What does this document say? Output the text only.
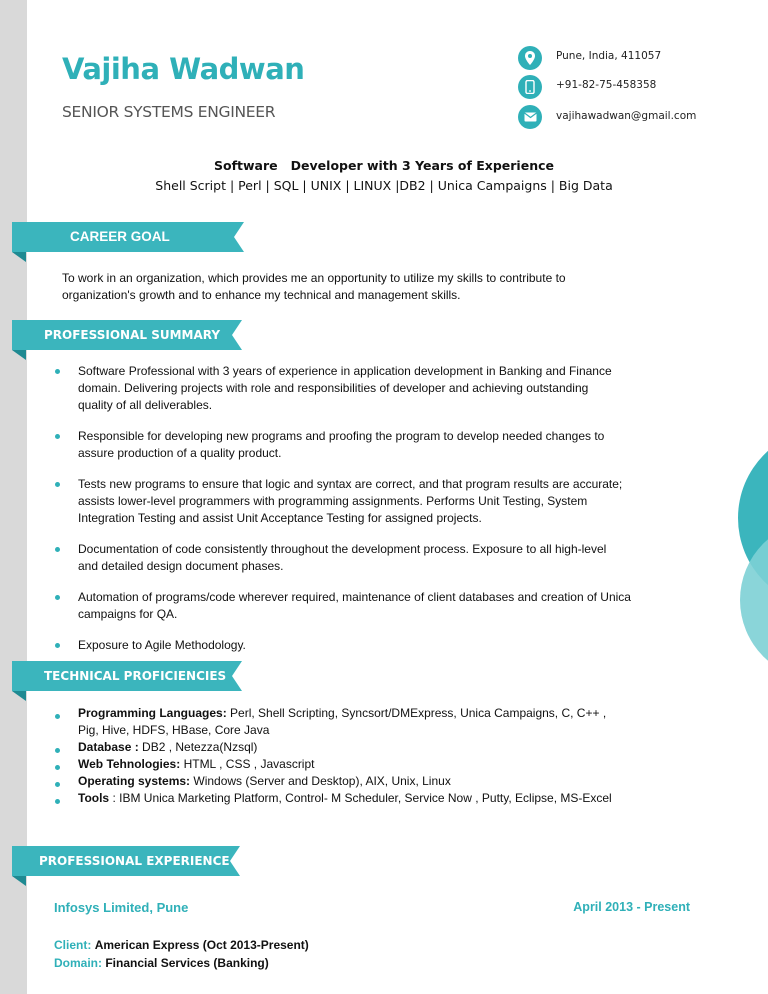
Vajiha Wadwan
SENIOR SYSTEMS ENGINEER
Pune, India, 411057
+91-82-75-458358
vajihawadwan@gmail.com
Software   Developer with 3 Years of Experience
Shell Script | Perl | SQL | UNIX | LINUX |DB2 | Unica Campaigns | Big Data
CAREER GOAL
To work in an organization, which provides me an opportunity to utilize my skills to contribute to
organization's growth and to enhance my technical and management skills.
PROFESSIONAL SUMMARY
Software Professional with 3 years of experience in application development in Banking and Finance domain. Delivering projects with role and responsibilities of developer and achieving outstanding quality of all deliverables.
Responsible for developing new programs and proofing the program to develop needed changes to assure production of a quality product.
Tests new programs to ensure that logic and syntax are correct, and that program results are accurate; assists lower-level programmers with programming assignments. Performs Unit Testing, System Integration Testing and assist Unit Acceptance Testing for assigned projects.
Documentation of code consistently throughout the development process. Exposure to all high-level and detailed design document phases.
Automation of programs/code wherever required, maintenance of client databases and creation of Unica campaigns for QA.
Exposure to Agile Methodology.
TECHNICAL PROFICIENCIES
Programming Languages: Perl, Shell Scripting, Syncsort/DMExpress, Unica Campaigns, C, C++ ,
Pig, Hive, HDFS, HBase, Core Java
Database : DB2 , Netezza(Nzsql)
Web Tehnologies: HTML , CSS , Javascript
Operating systems: Windows (Server and Desktop), AIX, Unix, Linux
Tools : IBM Unica Marketing Platform, Control- M Scheduler, Service Now , Putty, Eclipse, MS-Excel
PROFESSIONAL EXPERIENCE
Infosys Limited, Pune	April 2013 - Present
Client: American Express (Oct 2013-Present)
Domain: Financial Services (Banking)
